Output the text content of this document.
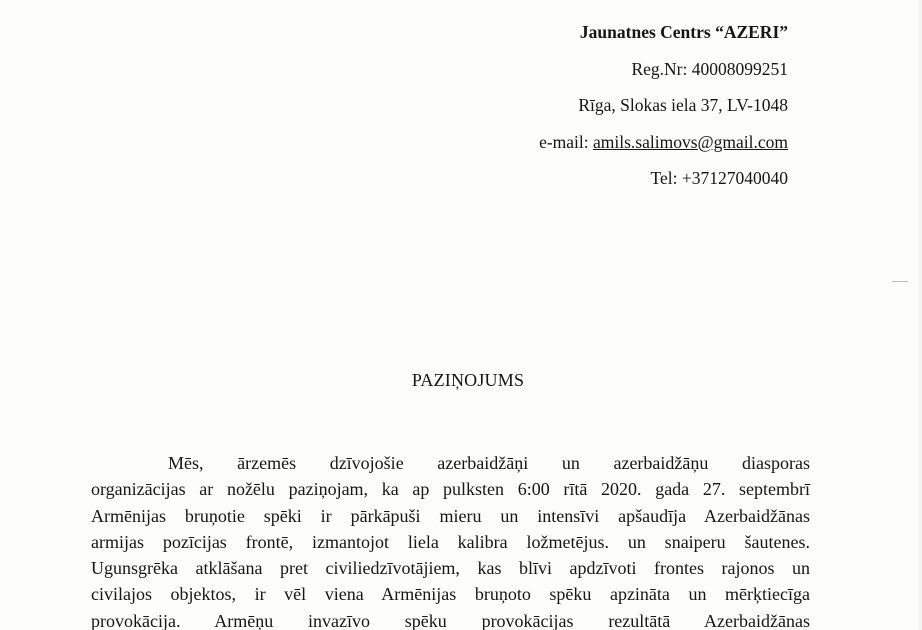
Jaunatnes Centrs “AZERI”
Reg.Nr: 40008099251
Rīga, Slokas iela 37, LV-1048
e-mail: amils.salimovs@gmail.com
Tel: +37127040040
PAZIŅOJUMS
Mēs, ārzemēs dzīvojošie azerbaidžāņi un azerbaidžāņu diasporas
organizācijas ar nožēlu paziņojam, ka ap pulksten 6:00 rītā 2020. gada 27. septembrī
Armēnijas bruņotie spēki ir pārkāpuši mieru un intensīvi apšaudīja Azerbaidžānas
armijas pozīcijas frontē, izmantojot liela kalibra ložmetējus. un snaiperu šautenes.
Ugunsgrēka atklāšana pret civiliedzīvotājiem, kas blīvi apdzīvoti frontes rajonos un
civilajos objektos, ir vēl viena Armēnijas bruņoto spēku apzināta un mērķtiecīga
provokācija. Armēņu invazīvo spēku provokācijas rezultātā Azerbaidžānas
